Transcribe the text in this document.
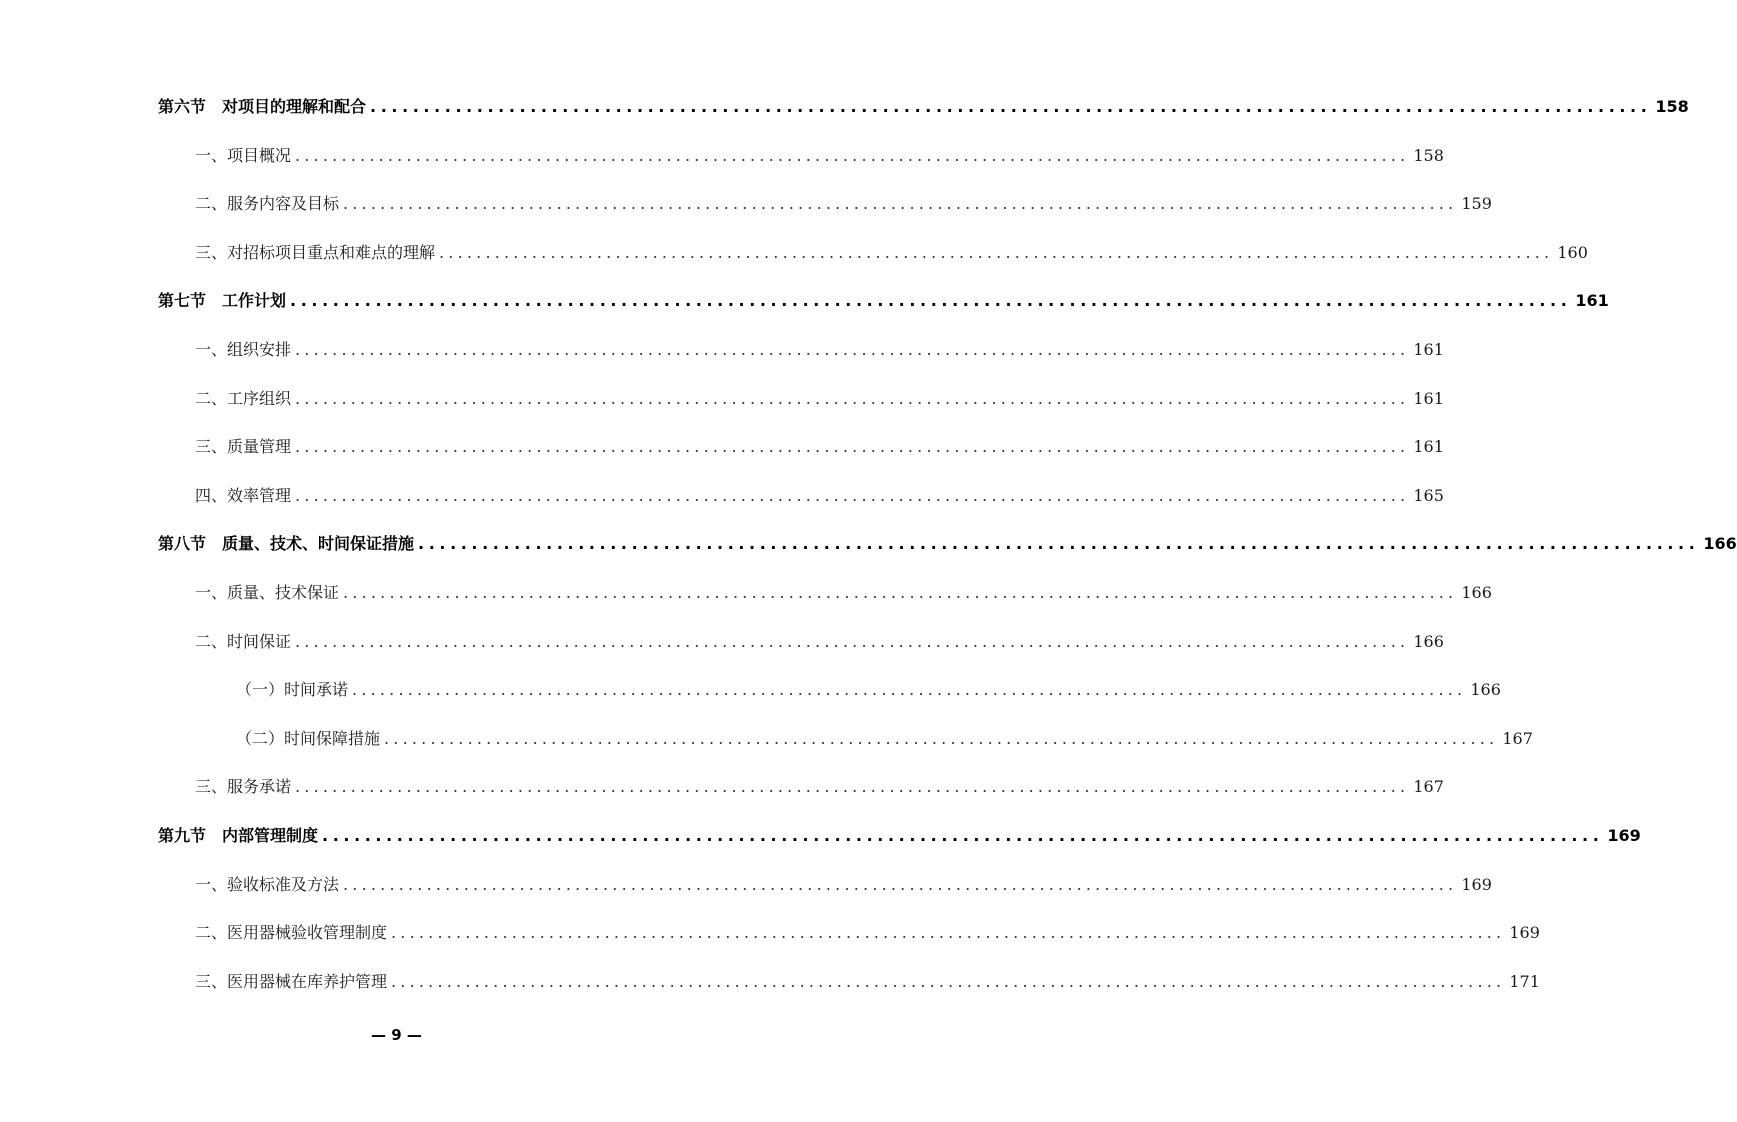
第六节 对项目的理解和配合 ........................................................................................................................ 158
一、项目概况 ........................................................................................................................ 158
二、服务内容及目标 ........................................................................................................................ 159
三、对招标项目重点和难点的理解 ........................................................................................................................ 160
第七节 工作计划 ........................................................................................................................ 161
一、组织安排 ........................................................................................................................ 161
二、工序组织 ........................................................................................................................ 161
三、质量管理 ........................................................................................................................ 161
四、效率管理 ........................................................................................................................ 165
第八节 质量、技术、时间保证措施 ........................................................................................................................ 166
一、质量、技术保证 ........................................................................................................................ 166
二、时间保证 ........................................................................................................................ 166
（一）时间承诺 ........................................................................................................................ 166
（二）时间保障措施 ........................................................................................................................ 167
三、服务承诺 ........................................................................................................................ 167
第九节 内部管理制度 ........................................................................................................................ 169
一、验收标准及方法 ........................................................................................................................ 169
二、医用器械验收管理制度 ........................................................................................................................ 169
三、医用器械在库养护管理 ........................................................................................................................ 171
— 9 —
